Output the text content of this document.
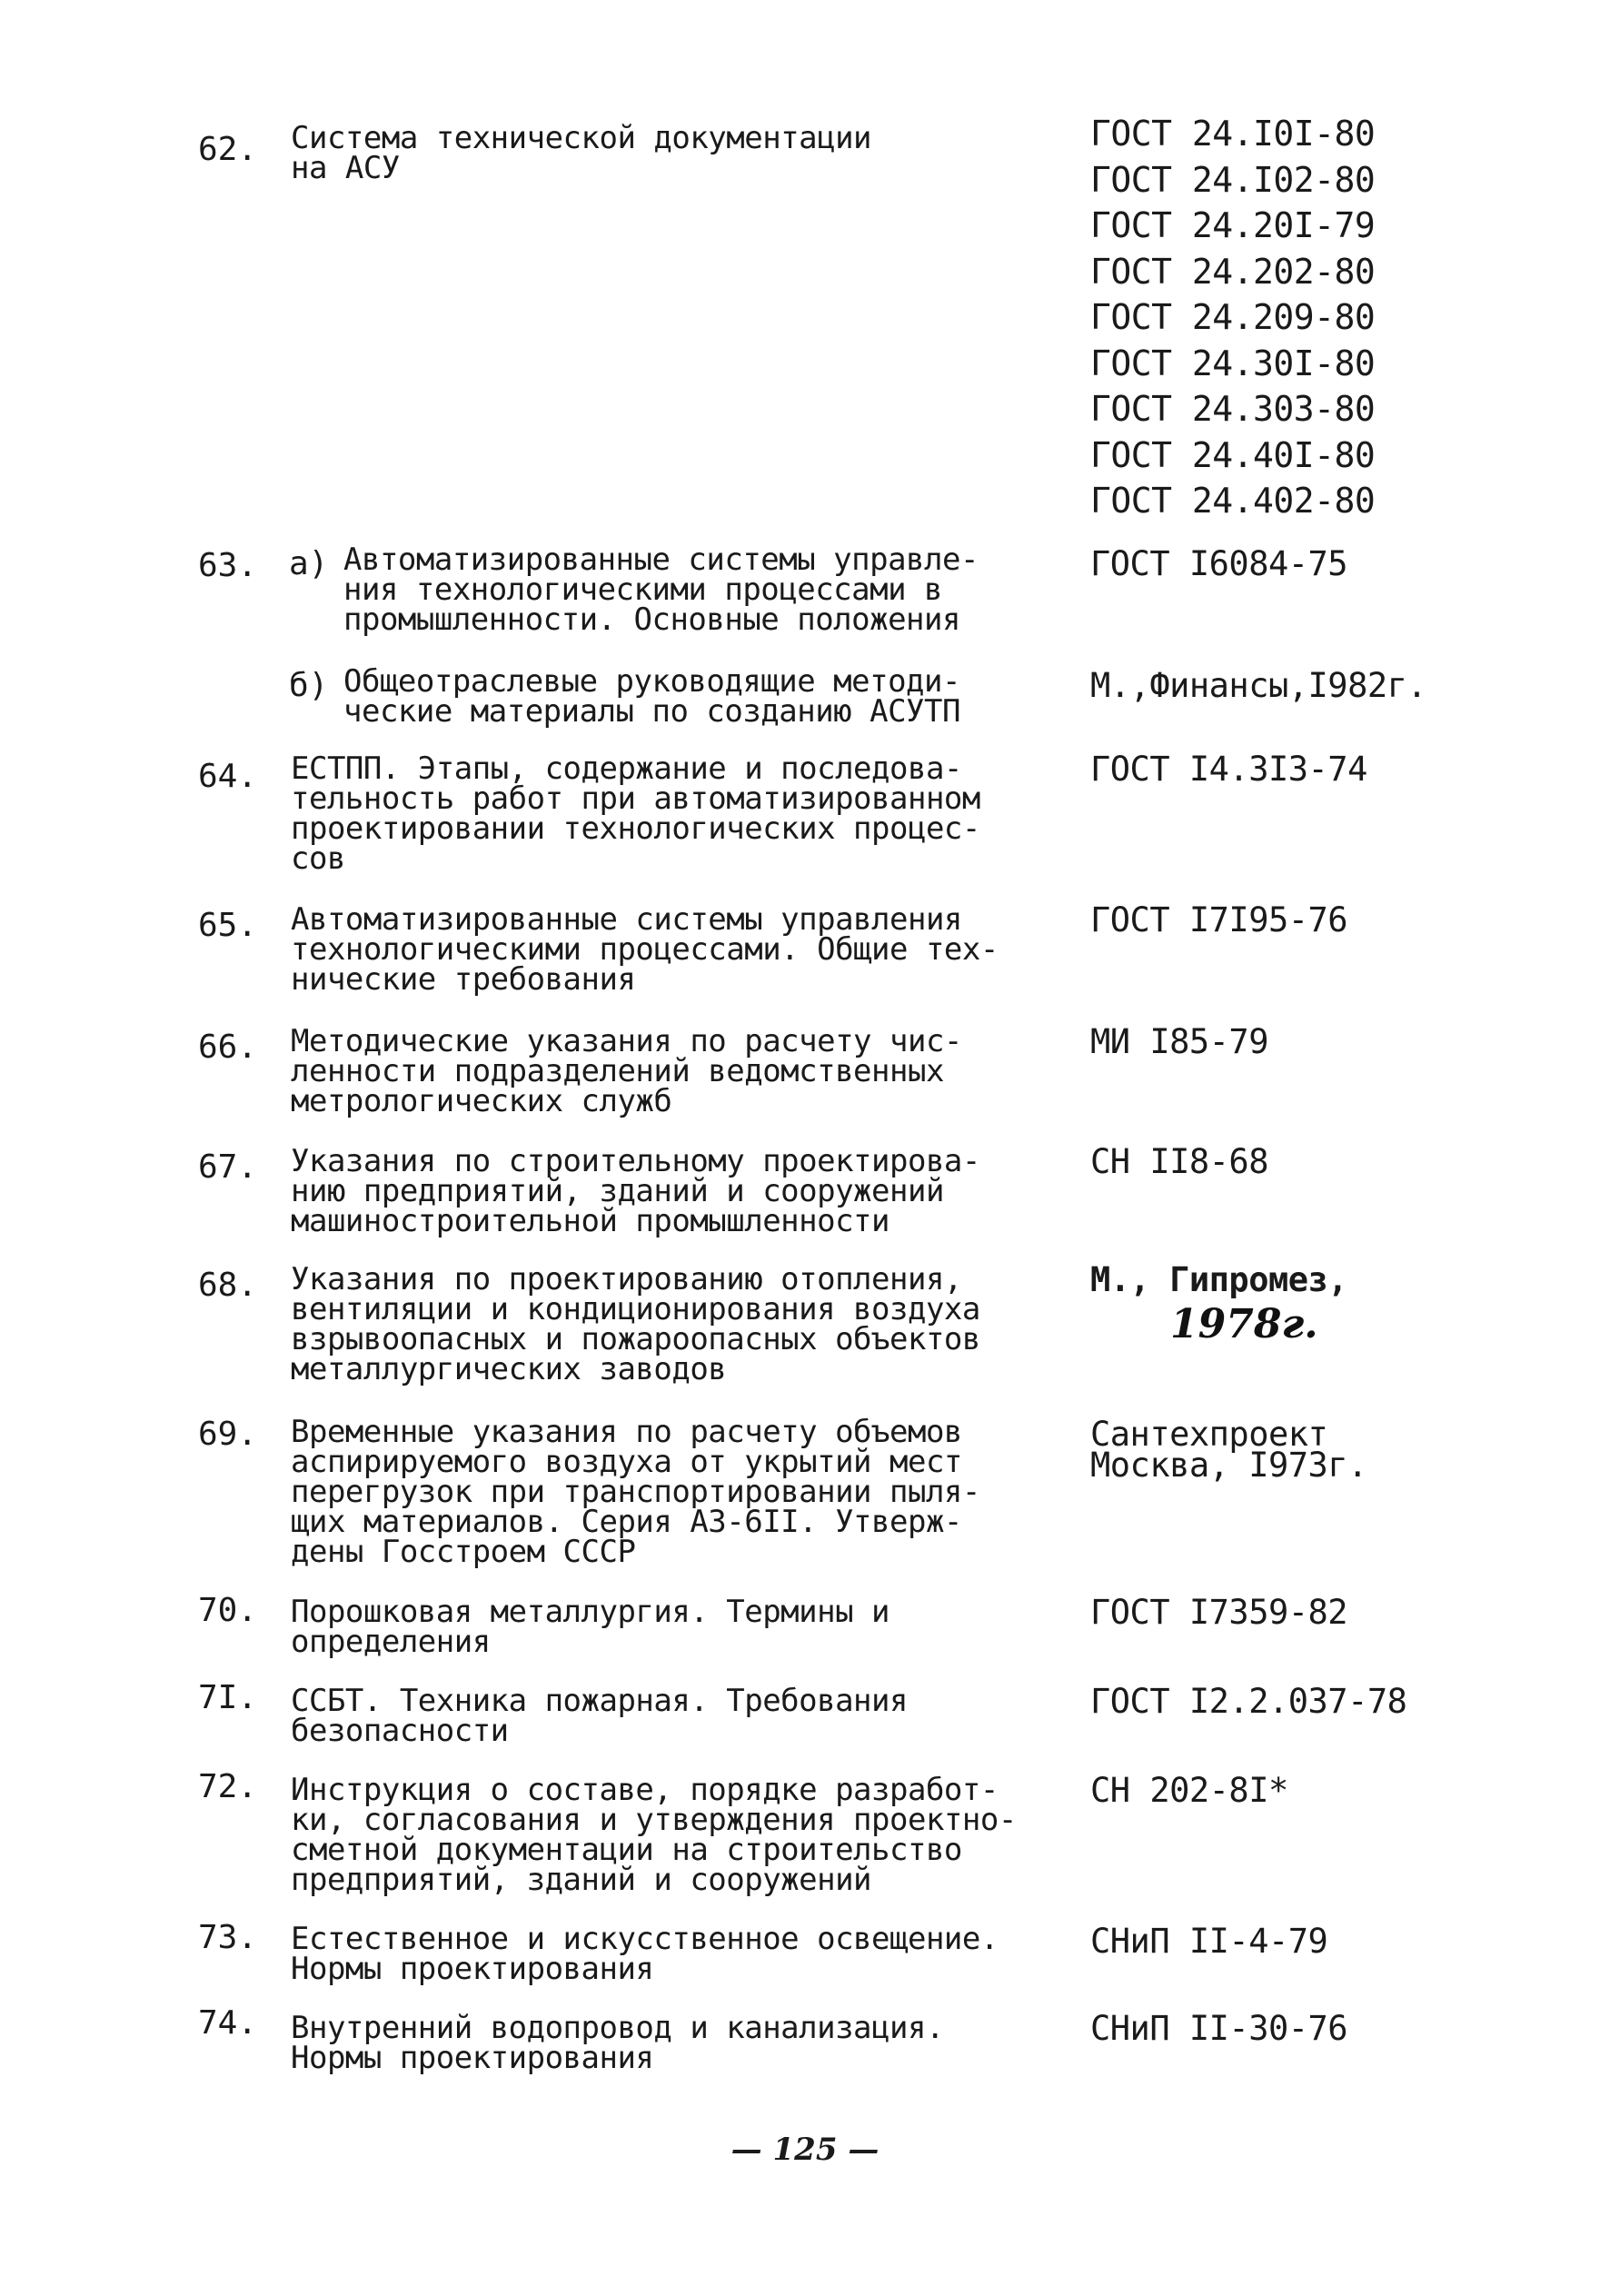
62. Система технической документации
на АСУ
ГОСТ 24.I0I-80
ГОСТ 24.I02-80
ГОСТ 24.20I-79
ГОСТ 24.202-80
ГОСТ 24.209-80
ГОСТ 24.30I-80
ГОСТ 24.303-80
ГОСТ 24.40I-80
ГОСТ 24.402-80
63. а) Автоматизированные системы управле-
ния технологическими процессами в
промышленности. Основные положения
ГОСТ I6084-75
б) Общеотраслевые руководящие методи-
ческие материалы по созданию АСУТП
М.,Финансы,I982г.
64. ЕСТПП. Этапы, содержание и последова-
тельность работ при автоматизированном
проектировании технологических процес-
сов
ГОСТ I4.3I3-74
65. Автоматизированные системы управления
технологическими процессами. Общие тех-
нические требования
ГОСТ I7I95-76
66. Методические указания по расчету чис-
ленности подразделений ведомственных
метрологических служб
МИ I85-79
67. Указания по строительному проектирова-
нию предприятий, зданий и сооружений
машиностроительной промышленности
СН II8-68
68. Указания по проектированию отопления,
вентиляции и кондиционирования воздуха
взрывоопасных и пожароопасных объектов
металлургических заводов
М., Гипромез,
1978г.
69. Временные указания по расчету объемов
аспирируемого воздуха от укрытий мест
перегрузок при транспортировании пыля-
щих материалов. Серия А3-6II. Утверж-
дены Госстроем СССР
Сантехпроект
Москва, I973г.
70. Порошковая металлургия. Термины и
определения
ГОСТ I7359-82
7I. ССБТ. Техника пожарная. Требования
безопасности
ГОСТ I2.2.037-78
72. Инструкция о составе, порядке разработ-
ки, согласования и утверждения проектно-
сметной документации на строительство
предприятий, зданий и сооружений
СН 202-8I*
73. Естественное и искусственное освещение.
Нормы проектирования
СНиП II-4-79
74. Внутренний водопровод и канализация.
Нормы проектирования
СНиП II-30-76
— 125 —
